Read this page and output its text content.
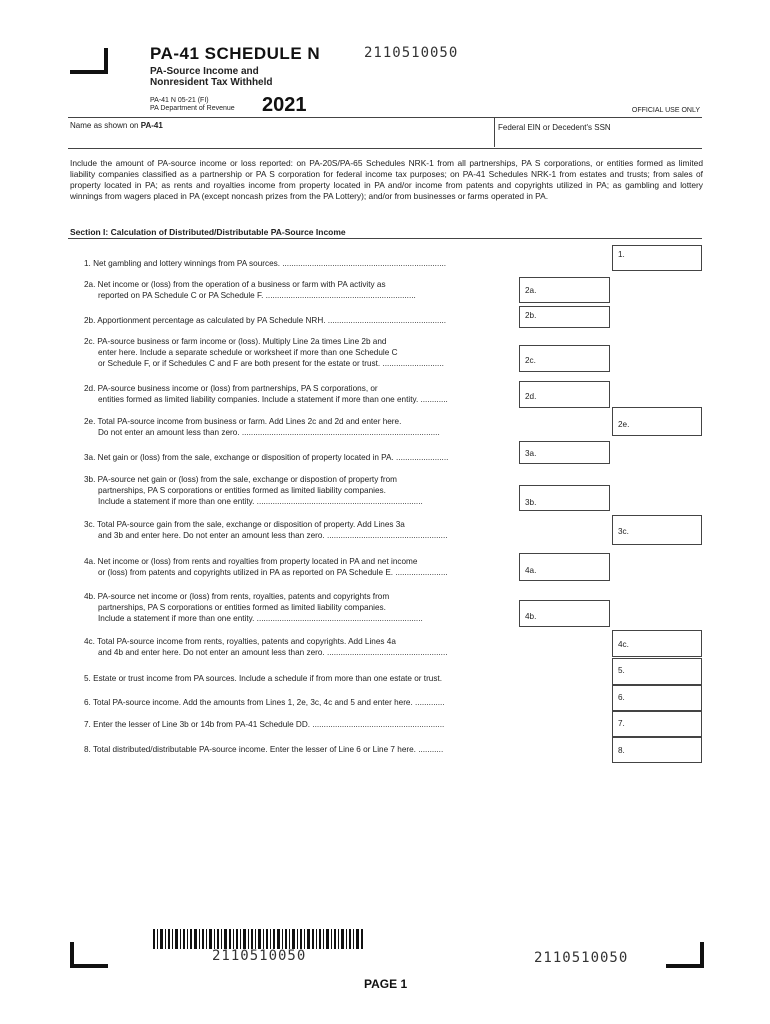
PA-41 SCHEDULE N	2110510050
PA-Source Income and
Nonresident Tax Withheld
PA-41 N 05-21 (FI)
PA Department of Revenue 2021	OFFICIAL USE ONLY
Name as shown on PA-41	Federal EIN or Decedent's SSN
Include the amount of PA-source income or loss reported: on PA-20S/PA-65 Schedules NRK-1 from all partnerships, PA S corporations, or entities formed as limited liability companies classified as a partnership or PA S corporation for federal income tax purposes; on PA-41 Schedules NRK-1 from estates and trusts; from sales of property located in PA; as rents and royalties income from property located in PA and/or income from patents and copyrights utilized in PA; as gambling and lottery winnings from wagers placed in PA (except noncash prizes from the PA Lottery); and/or from businesses or farms operated in PA.
Section I: Calculation of Distributed/Distributable PA-Source Income
1. Net gambling and lottery winnings from PA sources. ........................................................................
1.
2a. Net income or (loss) from the operation of a business or farm with PA activity as
reported on PA Schedule C or PA Schedule F. ..................................................................
2a.
2b. Apportionment percentage as calculated by PA Schedule NRH. ....................................................
2b.
2c. PA-source business or farm income or (loss). Multiply Line 2a times Line 2b and
enter here. Include a separate schedule or worksheet if more than one Schedule C
or Schedule F, or if Schedules C and F are both present for the estate or trust. ...........................	2c.
2d. PA-source business income or (loss) from partnerships, PA S corporations, or
entities formed as limited liability companies. Include a statement if more than one entity. ............	2d.
2e. Total PA-source income from business or farm. Add Lines 2c and 2d and enter here.
Do not enter an amount less than zero. .......................................................................................
2e.
3a. Net gain or (loss) from the sale, exchange or disposition of property located in PA. .......................	3a.
3b. PA-source net gain or (loss) from the sale, exchange or dispostion of property from
partnerships, PA S corporations or entities formed as limited liability companies.
Include a statement if more than one entity. .........................................................................	3b.
3c. Total PA-source gain from the sale, exchange or disposition of property. Add Lines 3a
and 3b and enter here. Do not enter an amount less than zero. .....................................................	3c.
4a. Net income or (loss) from rents and royalties from property located in PA and net income
or (loss) from patents and copyrights utilized in PA as reported on PA Schedule E. .......................	4a.
4b. PA-source net income or (loss) from rents, royalties, patents and copyrights from
partnerships, PA S corporations or entities formed as limited liability companies.
Include a statement if more than one entity. .........................................................................	4b.
4c. Total PA-source income from rents, royalties, patents and copyrights. Add Lines 4a
and 4b and enter here. Do not enter an amount less than zero. .....................................................
4c.
5. Estate or trust income from PA sources. Include a schedule if from more than one estate or trust.
5.
6. Total PA-source income. Add the amounts from Lines 1, 2e, 3c, 4c and 5 and enter here. .............
6.
7. Enter the lesser of Line 3b or 14b from PA-41 Schedule DD. ..........................................................	7.
8. Total distributed/distributable PA-source income. Enter the lesser of Line 6 or Line 7 here. ...........	8.
2110510050	2110510050
PAGE 1
